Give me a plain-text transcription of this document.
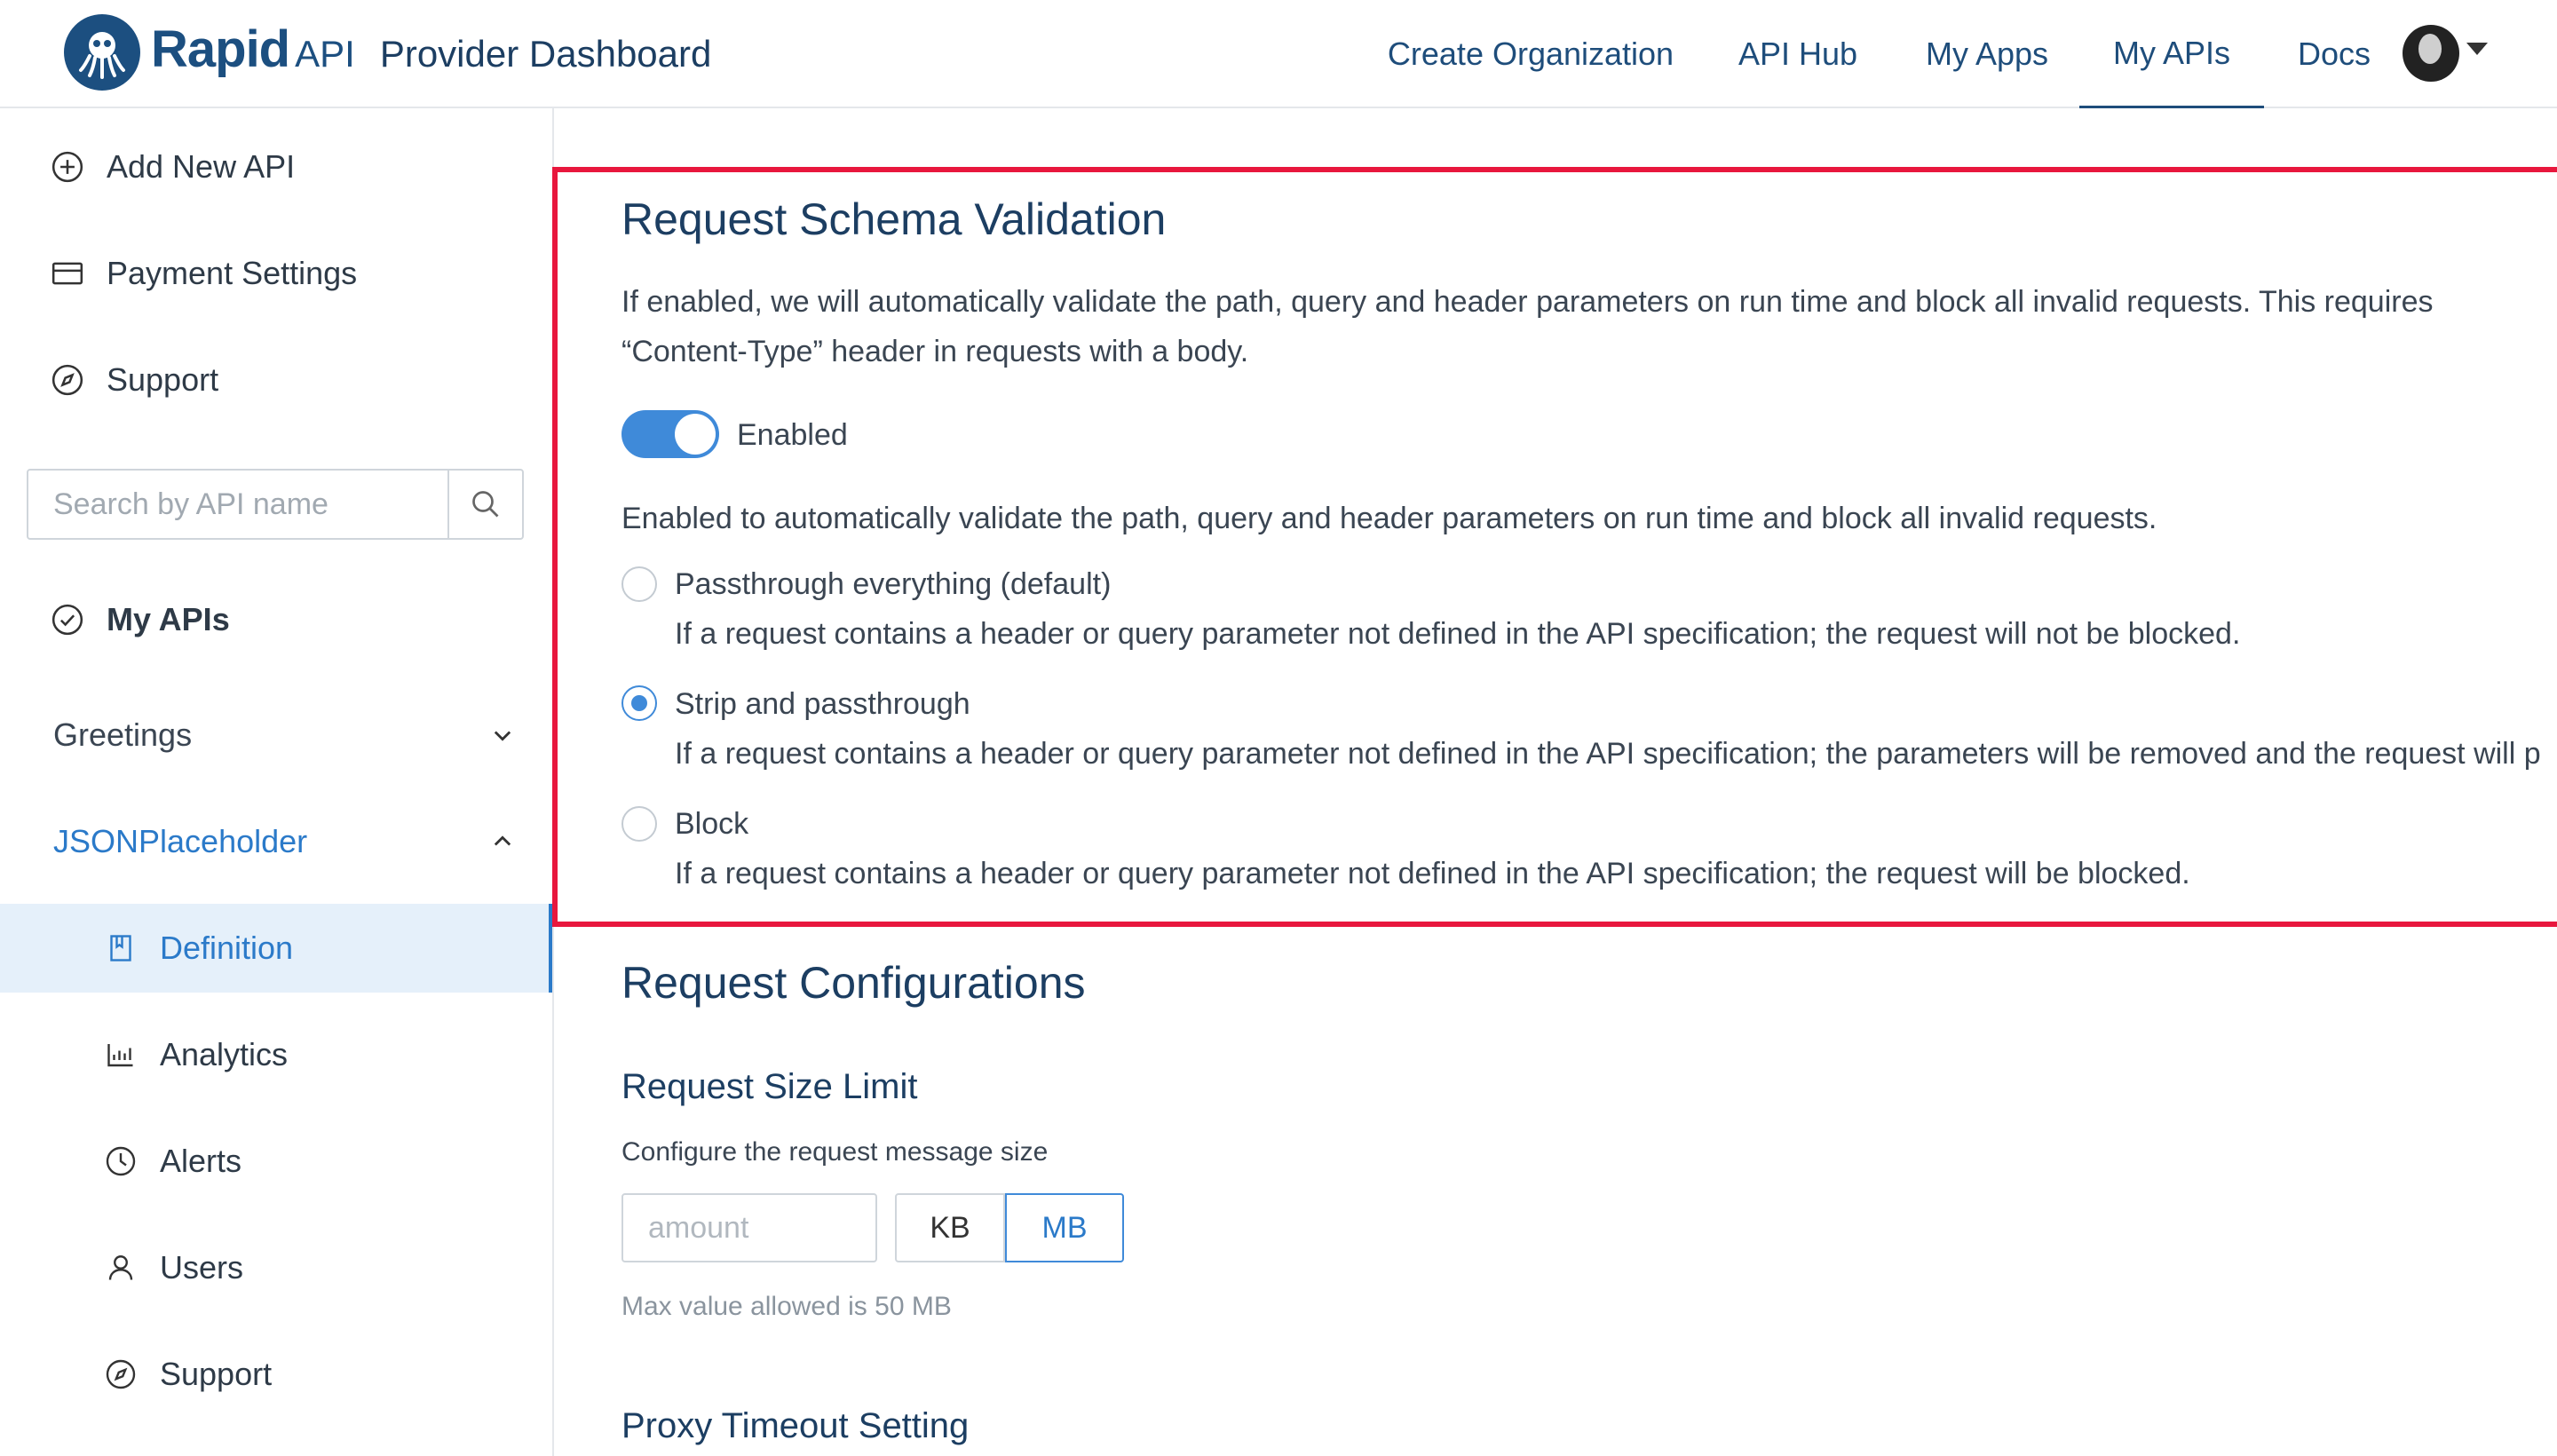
Rapid API Provider Dashboard	Create Organization	API Hub	My Apps	My APIs	Docs
Add New API
Payment Settings
Support
Search by API name
My APIs
Greetings
JSONPlaceholder
Definition
Analytics
Alerts
Users
Support
Request Schema Validation
If enabled, we will automatically validate the path, query and header parameters on run time and block all invalid requests. This requires “Content-Type” header in requests with a body.
Enabled
Enabled to automatically validate the path, query and header parameters on run time and block all invalid requests.
Passthrough everything (default)
If a request contains a header or query parameter not defined in the API specification; the request will not be blocked.
Strip and passthrough
If a request contains a header or query parameter not defined in the API specification; the parameters will be removed and the request will p
Block
If a request contains a header or query parameter not defined in the API specification; the request will be blocked.
Request Configurations
Request Size Limit
Configure the request message size
amount
KB	MB
Max value allowed is 50 MB
Proxy Timeout Setting
